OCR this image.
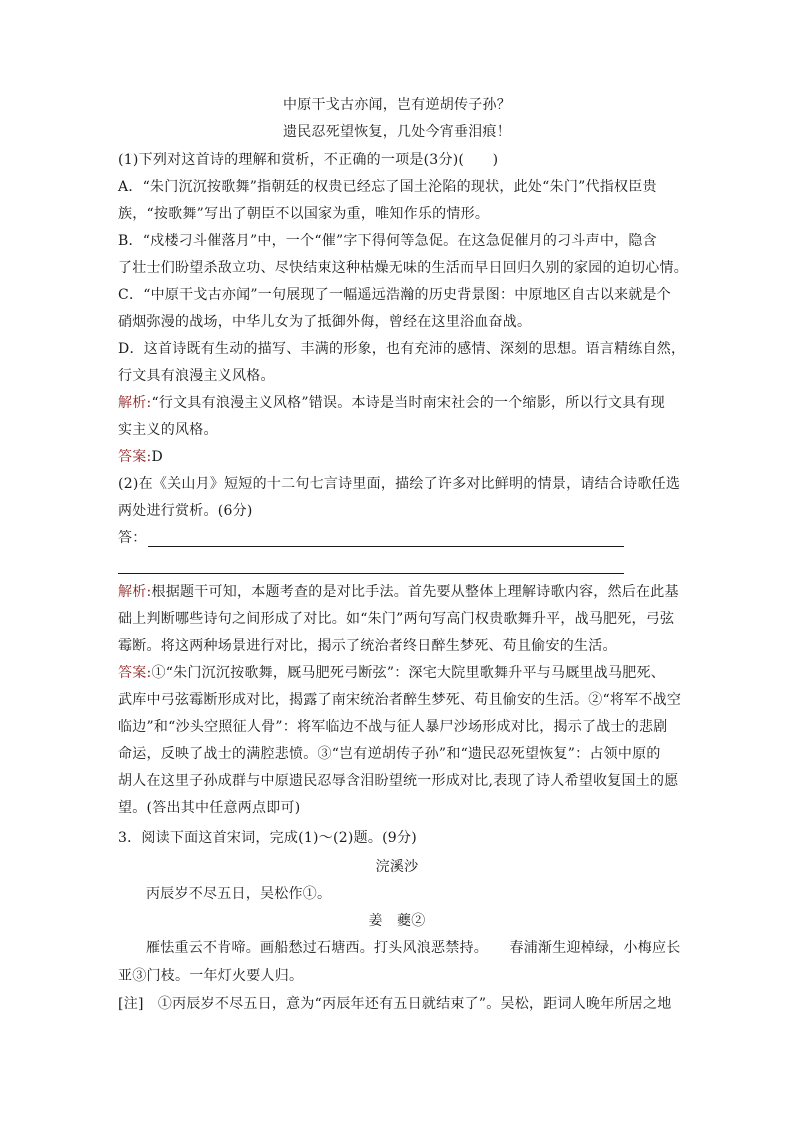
中原干戈古亦闻，岂有逆胡传子孙？
遗民忍死望恢复，几处今宵垂泪痕！
(1)下列对这首诗的理解和赏析，不正确的一项是(3分)(　　)
A．“朱门沉沉按歌舞”指朝廷的权贵已经忘了国土沦陷的现状，此处“朱门”代指权臣贵
族，“按歌舞”写出了朝臣不以国家为重，唯知作乐的情形。
B．“戍楼刁斗催落月”中，一个“催”字下得何等急促。在这急促催月的刁斗声中，隐含
了壮士们盼望杀敌立功、尽快结束这种枯燥无味的生活而早日回归久别的家园的迫切心情。
C．“中原干戈古亦闻”一句展现了一幅遥远浩瀚的历史背景图：中原地区自古以来就是个
硝烟弥漫的战场，中华儿女为了抵御外侮，曾经在这里浴血奋战。
D．这首诗既有生动的描写、丰满的形象，也有充沛的感情、深刻的思想。语言精练自然，
行文具有浪漫主义风格。
解析:“行文具有浪漫主义风格”错误。本诗是当时南宋社会的一个缩影，所以行文具有现
实主义的风格。
答案:D
(2)在《关山月》短短的十二句七言诗里面，描绘了许多对比鲜明的情景，请结合诗歌任选
两处进行赏析。(6分)
答：
解析:根据题干可知，本题考查的是对比手法。首先要从整体上理解诗歌内容，然后在此基
础上判断哪些诗句之间形成了对比。如“朱门”两句写高门权贵歌舞升平，战马肥死，弓弦
霉断。将这两种场景进行对比，揭示了统治者终日醉生梦死、苟且偷安的生活。
答案:①“朱门沉沉按歌舞，厩马肥死弓断弦”：深宅大院里歌舞升平与马厩里战马肥死、
武库中弓弦霉断形成对比，揭露了南宋统治者醉生梦死、苟且偷安的生活。②“将军不战空
临边”和“沙头空照征人骨”：将军临边不战与征人暴尸沙场形成对比，揭示了战士的悲剧
命运，反映了战士的满腔悲愤。③“岂有逆胡传子孙”和“遗民忍死望恢复”：占领中原的
胡人在这里子孙成群与中原遗民忍辱含泪盼望统一形成对比,表现了诗人希望收复国土的愿
望。(答出其中任意两点即可)
3．阅读下面这首宋词，完成(1)～(2)题。(9分)
浣溪沙
丙辰岁不尽五日，吴松作①。
姜　夔②
雁怯重云不肯啼。画船愁过石塘西。打头风浪恶禁持。　　春浦渐生迎棹绿，小梅应长
亚③门枝。一年灯火要人归。
[注]　①丙辰岁不尽五日，意为“丙辰年还有五日就结束了”。吴松，距词人晚年所居之地
